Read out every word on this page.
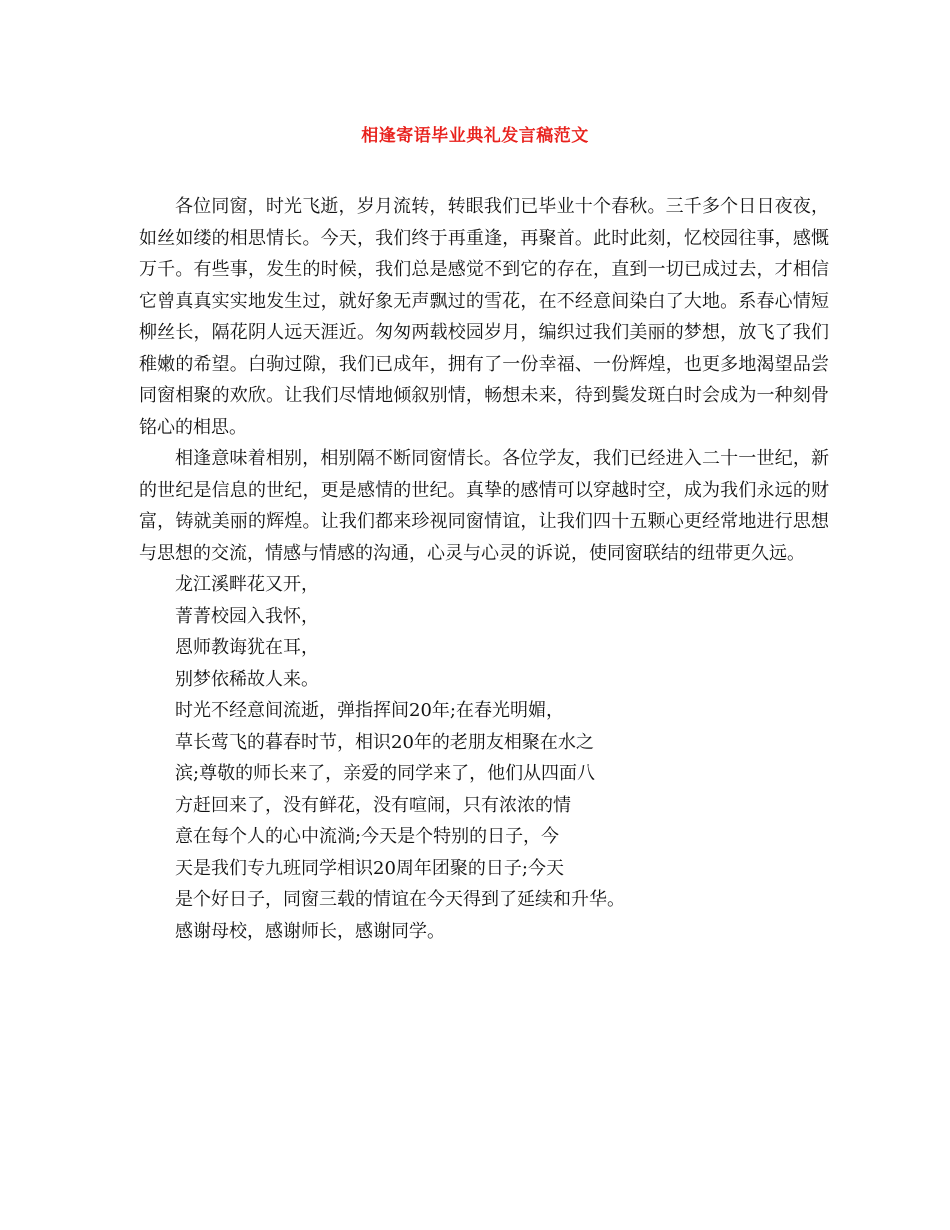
相逢寄语毕业典礼发言稿范文

各位同窗，时光飞逝，岁月流转，转眼我们已毕业十个春秋。三千多个日日夜夜，如丝如缕的相思情长。今天，我们终于再重逢，再聚首。此时此刻，忆校园往事，感慨万千。有些事，发生的时候，我们总是感觉不到它的存在，直到一切已成过去，才相信它曾真真实实地发生过，就好象无声飘过的雪花，在不经意间染白了大地。系春心情短柳丝长，隔花阴人远天涯近。匆匆两载校园岁月，编织过我们美丽的梦想，放飞了我们稚嫩的希望。白驹过隙，我们已成年，拥有了一份幸福、一份辉煌，也更多地渴望品尝同窗相聚的欢欣。让我们尽情地倾叙别情，畅想未来，待到鬓发斑白时会成为一种刻骨铭心的相思。

相逢意味着相别，相别隔不断同窗情长。各位学友，我们已经进入二十一世纪，新的世纪是信息的世纪，更是感情的世纪。真挚的感情可以穿越时空，成为我们永远的财富，铸就美丽的辉煌。让我们都来珍视同窗情谊，让我们四十五颗心更经常地进行思想与思想的交流，情感与情感的沟通，心灵与心灵的诉说，使同窗联结的纽带更久远。

龙江溪畔花又开，
菁菁校园入我怀，
恩师教诲犹在耳，
别梦依稀故人来。
时光不经意间流逝，弹指挥间20年;在春光明媚，
草长莺飞的暮春时节，相识20年的老朋友相聚在水之
滨;尊敬的师长来了，亲爱的同学来了，他们从四面八
方赶回来了，没有鲜花，没有喧闹，只有浓浓的情
意在每个人的心中流淌;今天是个特别的日子，今
天是我们专九班同学相识20周年团聚的日子;今天
是个好日子，同窗三载的情谊在今天得到了延续和升华。
感谢母校，感谢师长，感谢同学。
